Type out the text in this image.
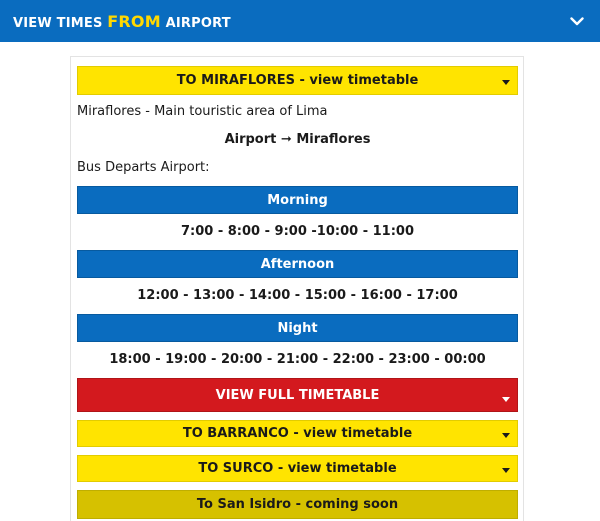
VIEW TIMES FROM AIRPORT
TO MIRAFLORES - view timetable
Miraflores - Main touristic area of Lima
Airport ➞ Miraflores
Bus Departs Airport:
Morning
7:00 - 8:00 - 9:00 -10:00 - 11:00
Afternoon
12:00 - 13:00 - 14:00 - 15:00 - 16:00 - 17:00
Night
18:00 - 19:00 - 20:00 - 21:00 - 22:00 - 23:00 - 00:00
VIEW FULL TIMETABLE
TO BARRANCO - view timetable
TO SURCO - view timetable
To San Isidro - coming soon
